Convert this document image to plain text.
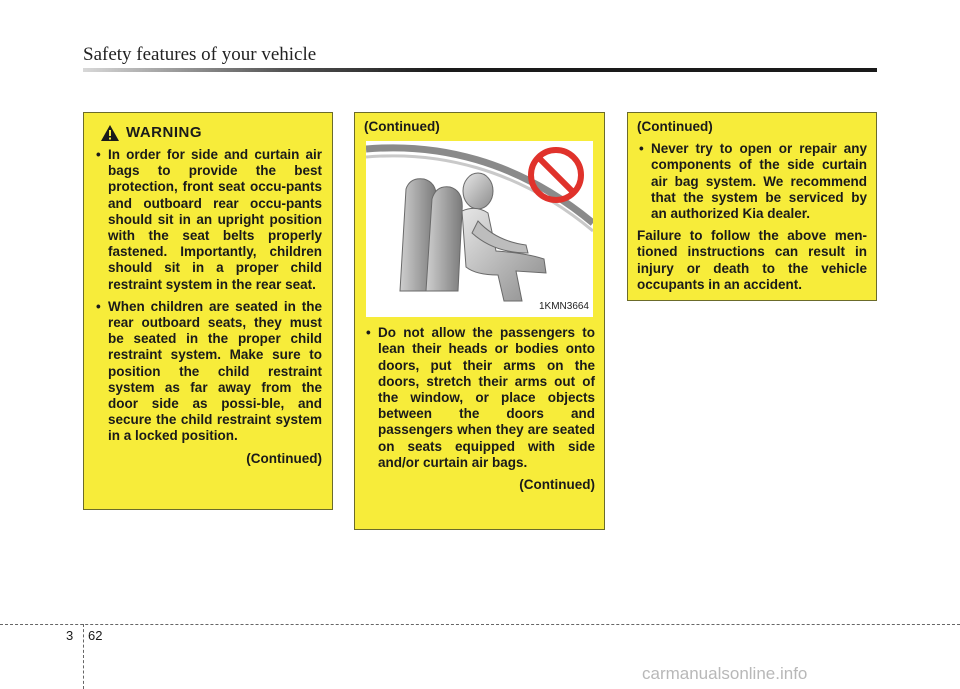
Safety features of your vehicle
WARNING
• In order for side and curtain air bags to provide the best protection, front seat occu-pants and outboard rear occu-pants should sit in an upright position with the seat belts properly fastened. Importantly, children should sit in a proper child restraint system in the rear seat.
• When children are seated in the rear outboard seats, they must be seated in the proper child restraint system. Make sure to position the child restraint system as far away from the door side as possi-ble, and secure the child restraint system in a locked position.
(Continued)
(Continued)
1KMN3664
• Do not allow the passengers to lean their heads or bodies onto doors, put their arms on the doors, stretch their arms out of the window, or place objects between the doors and passengers when they are seated on seats equipped with side and/or curtain air bags.
(Continued)
(Continued)
• Never try to open or repair any components of the side curtain air bag system. We recommend that the system be serviced by an authorized Kia dealer.
Failure to follow the above men-tioned instructions can result in injury or death to the vehicle occupants in an accident.
3 62
carmanualsonline.info
